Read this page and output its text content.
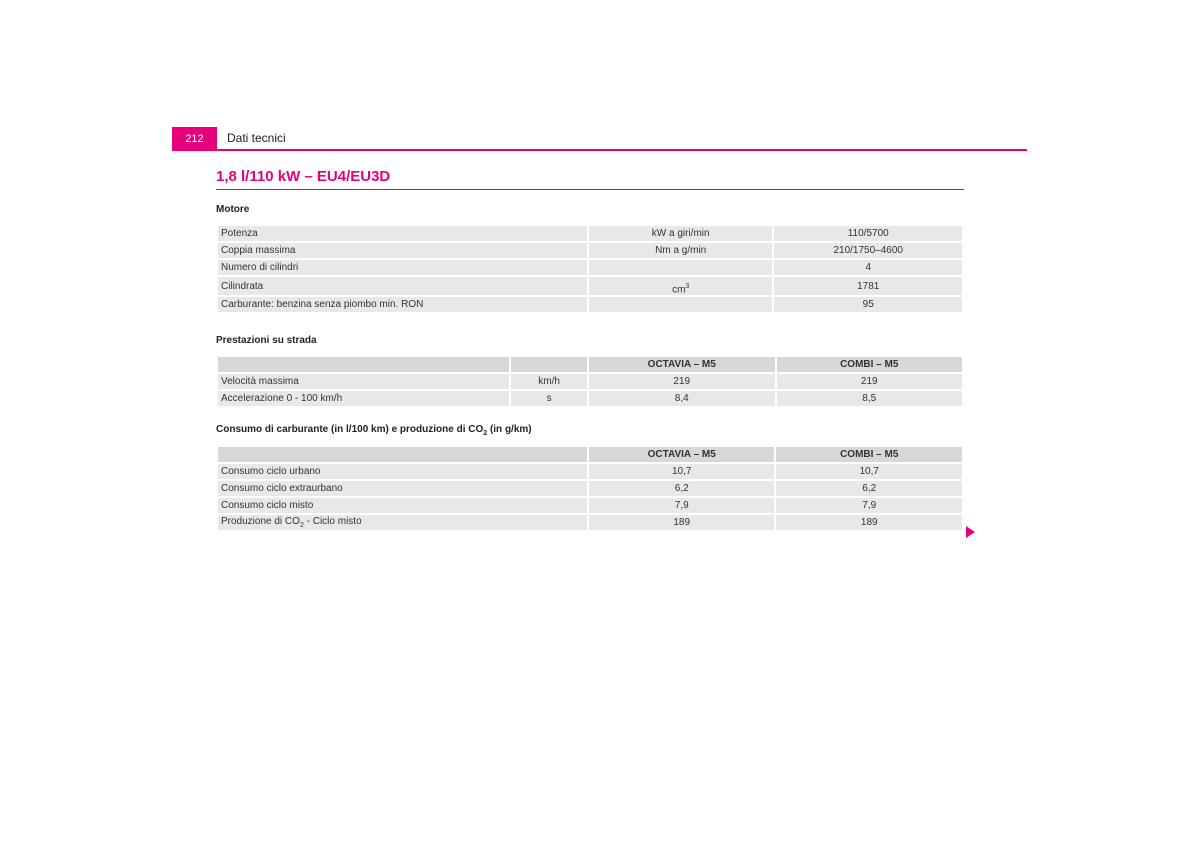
212	Dati tecnici
1,8 l/110 kW – EU4/EU3D
Motore
Potenza	kW a giri/min	110/5700
Coppia massima	Nm a g/min	210/1750–4600
Numero di cilindri		4
Cilindrata	$cm^3$	1781
Carburante: benzina senza piombo min. RON		95
Prestazioni su strada
		OCTAVIA – M5	COMBI – M5
Velocità massima	km/h	219	219
Accelerazione 0 - 100 km/h	s	8,4	8,5
Consumo di carburante (in l/100 km) e produzione di $CO_2$ (in g/km)
	OCTAVIA – M5	COMBI – M5
Consumo ciclo urbano	10,7	10,7
Consumo ciclo extraurbano	6,2	6,2
Consumo ciclo misto	7,9	7,9
Produzione di $CO_2$ - Ciclo misto	189	189
